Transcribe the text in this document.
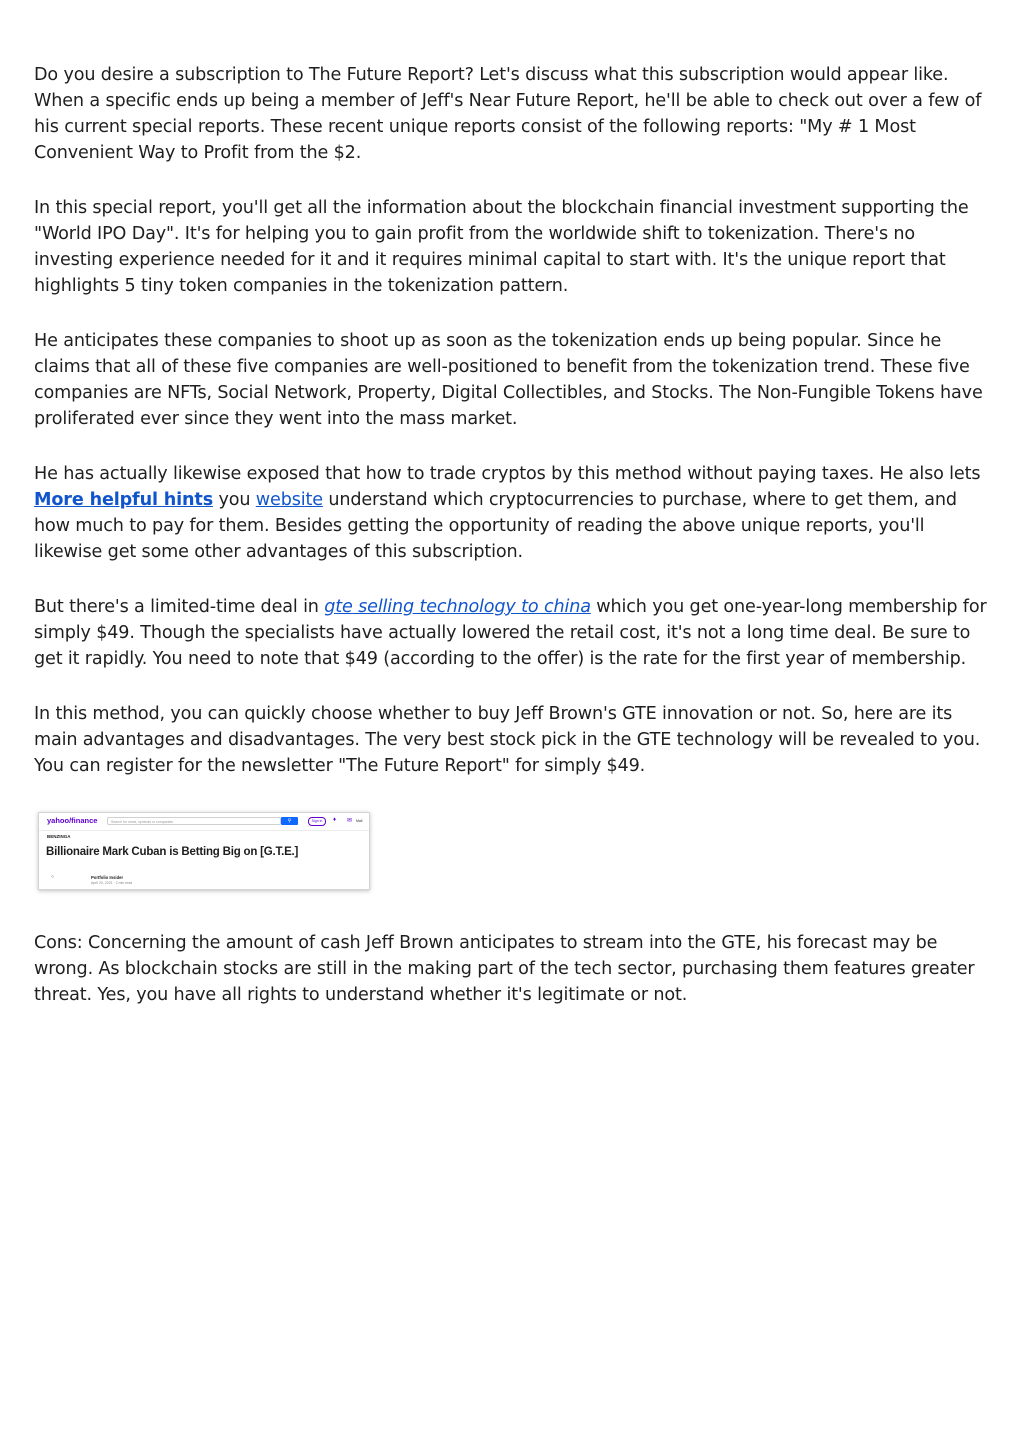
Do you desire a subscription to The Future Report? Let's discuss what this subscription would appear like. When a specific ends up being a member of Jeff's Near Future Report, he'll be able to check out over a few of his current special reports. These recent unique reports consist of the following reports: "My # 1 Most Convenient Way to Profit from the $2.

In this special report, you'll get all the information about the blockchain financial investment supporting the "World IPO Day". It's for helping you to gain profit from the worldwide shift to tokenization. There's no investing experience needed for it and it requires minimal capital to start with. It's the unique report that highlights 5 tiny token companies in the tokenization pattern.

He anticipates these companies to shoot up as soon as the tokenization ends up being popular. Since he claims that all of these five companies are well-positioned to benefit from the tokenization trend. These five companies are NFTs, Social Network, Property, Digital Collectibles, and Stocks. The Non-Fungible Tokens have proliferated ever since they went into the mass market.

He has actually likewise exposed that how to trade cryptos by this method without paying taxes. He also lets More helpful hints you website understand which cryptocurrencies to purchase, where to get them, and how much to pay for them. Besides getting the opportunity of reading the above unique reports, you'll likewise get some other advantages of this subscription.

But there's a limited-time deal in gte selling technology to china which you get one-year-long membership for simply $49. Though the specialists have actually lowered the retail cost, it's not a long time deal. Be sure to get it rapidly. You need to note that $49 (according to the offer) is the rate for the first year of membership.

In this method, you can quickly choose whether to buy Jeff Brown's GTE innovation or not. So, here are its main advantages and disadvantages. The very best stock pick in the GTE technology will be revealed to you. You can register for the newsletter "The Future Report" for simply $49.

yahoo/finance	Search for news, symbols or companies	⚲	Sign in	♦ ✉ Mail
BENZINGA
Billionaire Mark Cuban is Betting Big on [G.T.E.]
○	Portfolio Insider
April 20, 2021 · 2 min read

Cons: Concerning the amount of cash Jeff Brown anticipates to stream into the GTE, his forecast may be wrong. As blockchain stocks are still in the making part of the tech sector, purchasing them features greater threat. Yes, you have all rights to understand whether it's legitimate or not.
